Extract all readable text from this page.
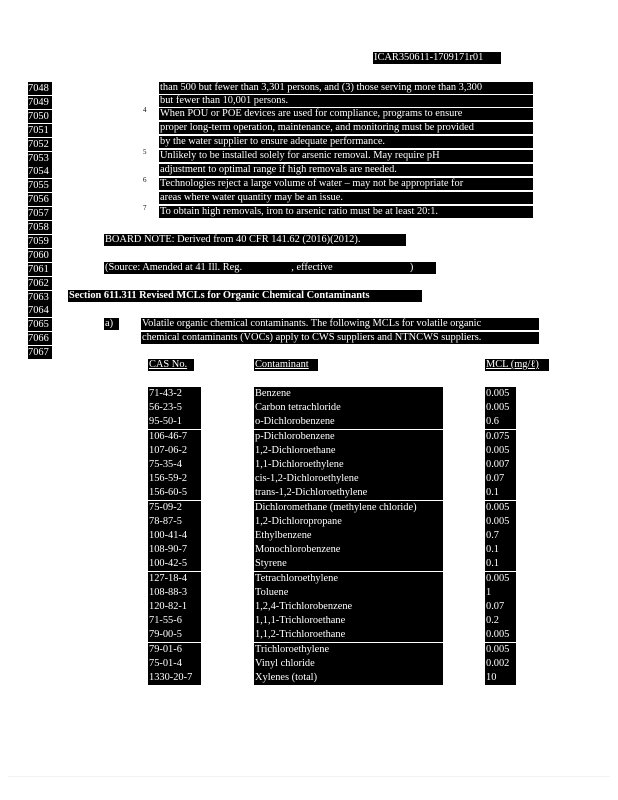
ICAR350611-1709171r01
7048
7049
7050
7051
7052
7053
7054
7055
7056
7057
7058
7059
7060
7061
7062
7063
7064
7065
7066
7067
than 500 but fewer than 3,301 persons, and (3) those serving more than 3,300
but fewer than 10,001 persons.
4 When POU or POE devices are used for compliance, programs to ensure
proper long-term operation, maintenance, and monitoring must be provided
by the water supplier to ensure adequate performance.
5 Unlikely to be installed solely for arsenic removal. May require pH
adjustment to optimal range if high removals are needed.
6 Technologies reject a large volume of water – may not be appropriate for
areas where water quantity may be an issue.
7 To obtain high removals, iron to arsenic ratio must be at least 20:1.
BOARD NOTE: Derived from 40 CFR 141.62 (2016)(2012).
(Source: Amended at 41 Ill. Reg.	, effective	)
Section 611.311 Revised MCLs for Organic Chemical Contaminants
a)	Volatile organic chemical contaminants. The following MCLs for volatile organic
chemical contaminants (VOCs) apply to CWS suppliers and NTNCWS suppliers.
CAS No.	Contaminant	MCL (mg/ℓ)
71-43-2	Benzene	0.005
56-23-5	Carbon tetrachloride	0.005
95-50-1	o-Dichlorobenzene	0.6
106-46-7	p-Dichlorobenzene	0.075
107-06-2	1,2-Dichloroethane	0.005
75-35-4	1,1-Dichloroethylene	0.007
156-59-2	cis-1,2-Dichloroethylene	0.07
156-60-5	trans-1,2-Dichloroethylene	0.1
75-09-2	Dichloromethane (methylene chloride)	0.005
78-87-5	1,2-Dichloropropane	0.005
100-41-4	Ethylbenzene	0.7
108-90-7	Monochlorobenzene	0.1
100-42-5	Styrene	0.1
127-18-4	Tetrachloroethylene	0.005
108-88-3	Toluene	1
120-82-1	1,2,4-Trichlorobenzene	0.07
71-55-6	1,1,1-Trichloroethane	0.2
79-00-5	1,1,2-Trichloroethane	0.005
79-01-6	Trichloroethylene	0.005
75-01-4	Vinyl chloride	0.002
1330-20-7	Xylenes (total)	10
